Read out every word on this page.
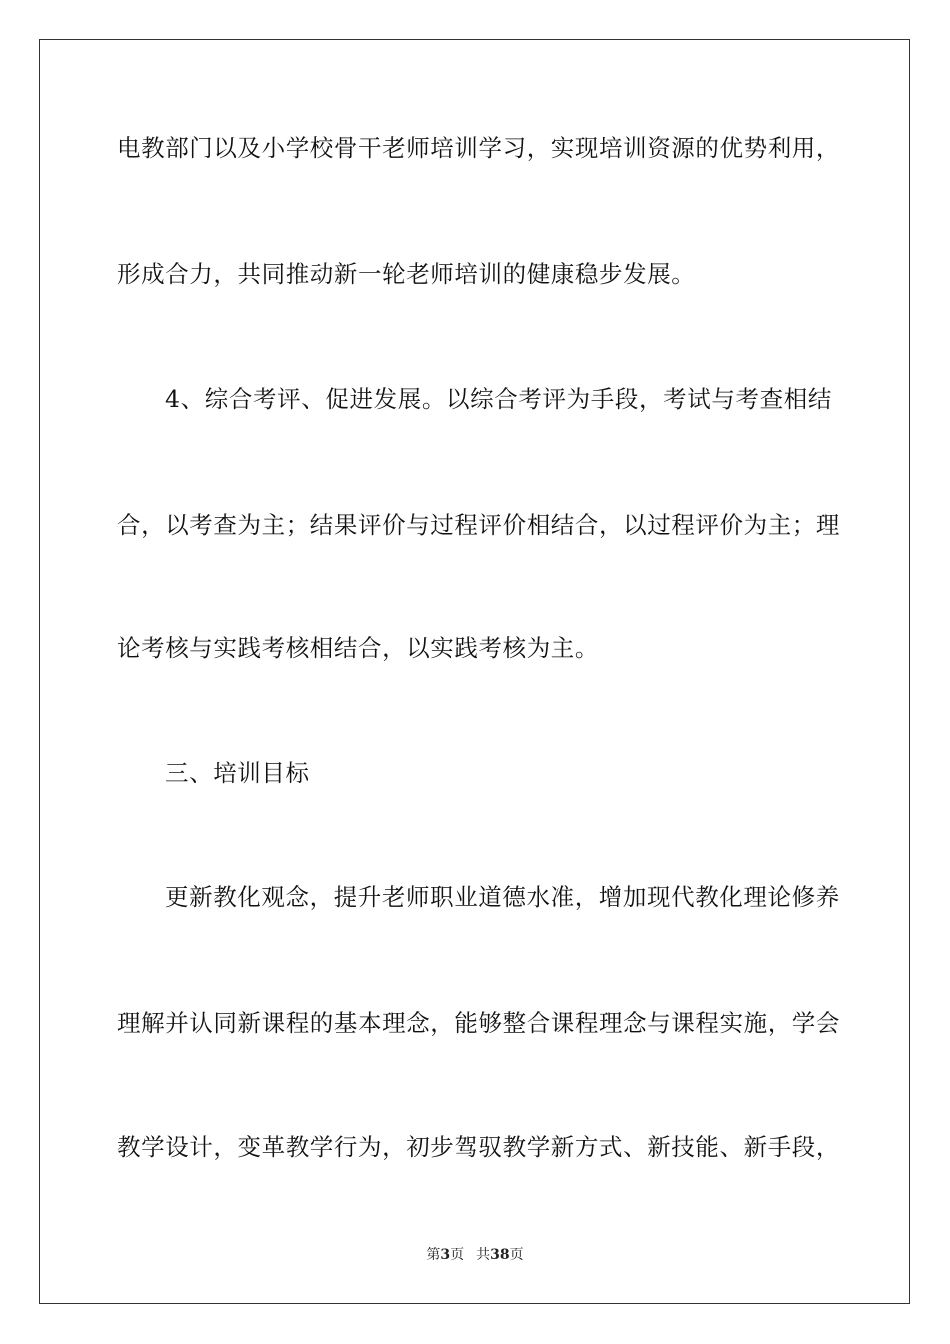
电教部门以及小学校骨干老师培训学习，实现培训资源的优势利用，
形成合力，共同推动新一轮老师培训的健康稳步发展。
4、综合考评、促进发展。以综合考评为手段，考试与考查相结
合，以考查为主；结果评价与过程评价相结合，以过程评价为主；理
论考核与实践考核相结合，以实践考核为主。
三、培训目标
更新教化观念，提升老师职业道德水准，增加现代教化理论修养
理解并认同新课程的基本理念，能够整合课程理念与课程实施，学会
教学设计，变革教学行为，初步驾驭教学新方式、新技能、新手段，
第3页 共38页
